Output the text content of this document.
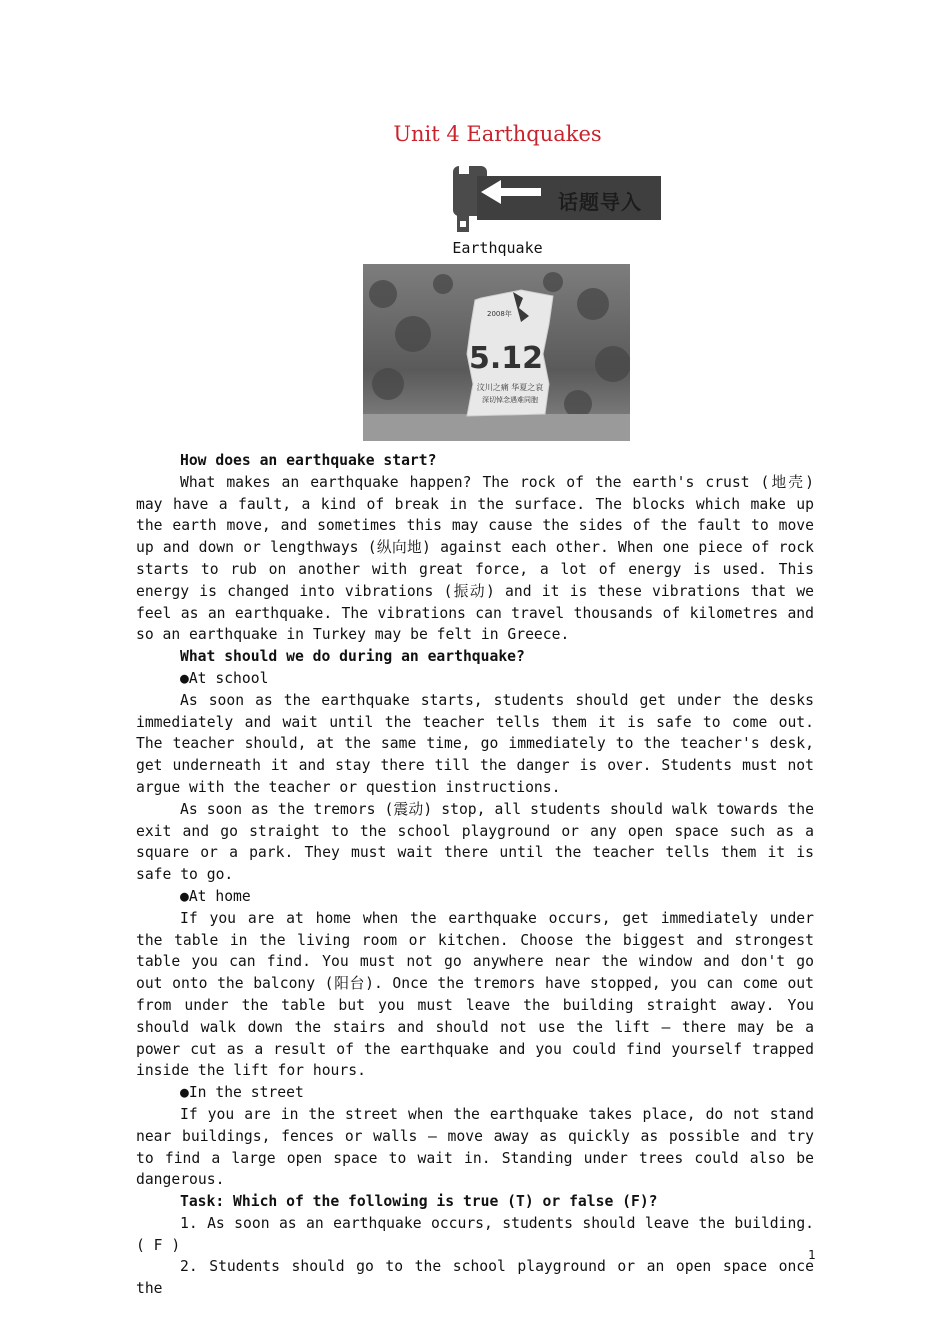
Unit 4 Earthquakes
话题导入
Earthquake
2008年
5.12
汶川之痛 华夏之哀
深切悼念遇难同胞

How does an earthquake start?

What makes an earthquake happen? The rock of the earth's crust (地壳) may have a fault, a kind of break in the surface. The blocks which make up the earth move, and sometimes this may cause the sides of the fault to move up and down or lengthways (纵向地) against each other. When one piece of rock starts to rub on another with great force, a lot of energy is used. This energy is changed into vibrations (振动) and it is these vibrations that we feel as an earthquake. The vibrations can travel thousands of kilometres and so an earthquake in Turkey may be felt in Greece.

What should we do during an earthquake?

●At school

As soon as the earthquake starts, students should get under the desks immediately and wait until the teacher tells them it is safe to come out. The teacher should, at the same time, go immediately to the teacher's desk, get underneath it and stay there till the danger is over. Students must not argue with the teacher or question instructions.

As soon as the tremors (震动) stop, all students should walk towards the exit and go straight to the school playground or any open space such as a square or a park. They must wait there until the teacher tells them it is safe to go.

●At home

If you are at home when the earthquake occurs, get immediately under the table in the living room or kitchen. Choose the biggest and strongest table you can find. You must not go anywhere near the window and don't go out onto the balcony (阳台). Once the tremors have stopped, you can come out from under the table but you must leave the building straight away. You should walk down the stairs and should not use the lift — there may be a power cut as a result of the earthquake and you could find yourself trapped inside the lift for hours.

●In the street

If you are in the street when the earthquake takes place, do not stand near buildings, fences or walls — move away as quickly as possible and try to find a large open space to wait in. Standing under trees could also be dangerous.

Task: Which of the following is true (T) or false (F)?

1. As soon as an earthquake occurs, students should leave the building.( F )

2. Students should go to the school playground or an open space once the

1
